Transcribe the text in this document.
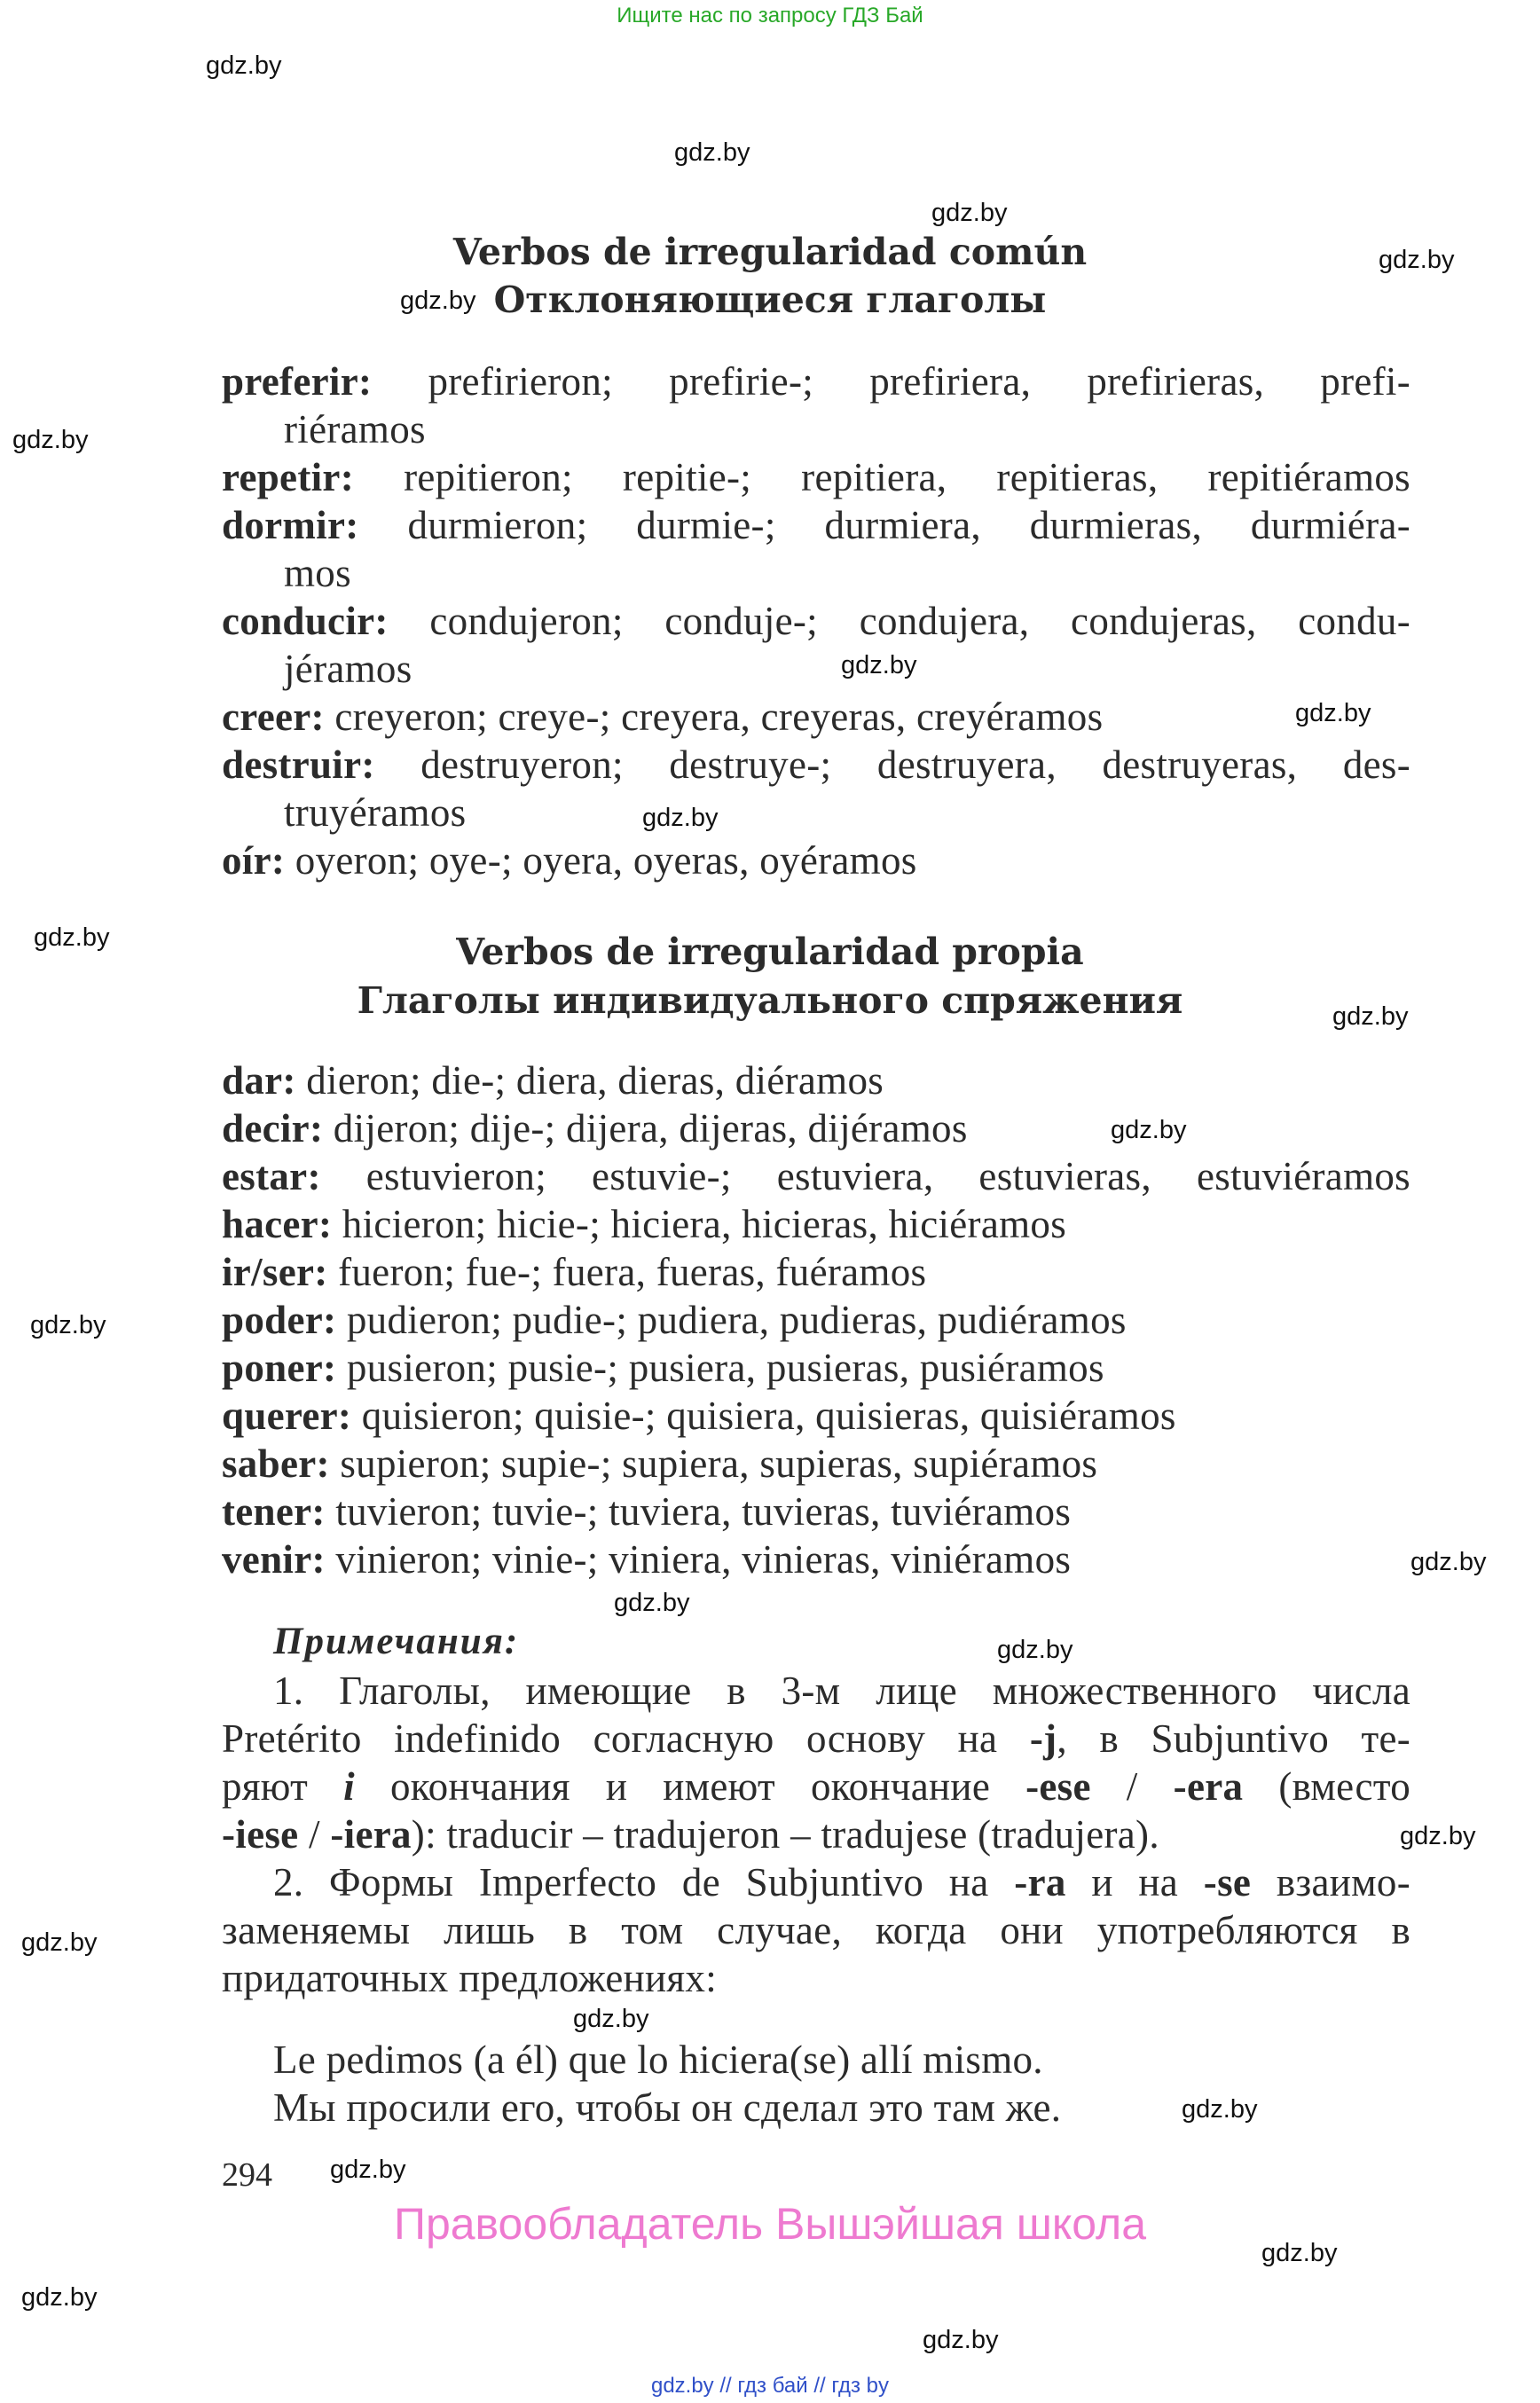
Ищите нас по запросу ГДЗ Бай
gdz.by
gdz.by
gdz.by
gdz.by
gdz.by
gdz.by
gdz.by
gdz.by
gdz.by
gdz.by
gdz.by
gdz.by
gdz.by
gdz.by
gdz.by
gdz.by
gdz.by
gdz.by
gdz.by
gdz.by
gdz.by
gdz.by
gdz.by
gdz.by
Verbos de irregularidad común
Отклоняющиеся глаголы
preferir: prefirieron; prefirie-; prefiriera, prefirieras, prefi-
riéramos
repetir: repitieron; repitie-; repitiera, repitieras, repitiéramos
dormir: durmieron; durmie-; durmiera, durmieras, durmiéra-
mos
conducir: condujeron; conduje-; condujera, condujeras, condu-
jéramos
creer: creyeron; creye-; creyera, creyeras, creyéramos
destruir: destruyeron; destruye-; destruyera, destruyeras, des-
truyéramos
oír: oyeron; oye-; oyera, oyeras, oyéramos
Verbos de irregularidad propia
Глаголы индивидуального спряжения
dar: dieron; die-; diera, dieras, diéramos
decir: dijeron; dije-; dijera, dijeras, dijéramos
estar: estuvieron; estuvie-; estuviera, estuvieras, estuviéramos
hacer: hicieron; hicie-; hiciera, hicieras, hiciéramos
ir/ser: fueron; fue-; fuera, fueras, fuéramos
poder: pudieron; pudie-; pudiera, pudieras, pudiéramos
poner: pusieron; pusie-; pusiera, pusieras, pusiéramos
querer: quisieron; quisie-; quisiera, quisieras, quisiéramos
saber: supieron; supie-; supiera, supieras, supiéramos
tener: tuvieron; tuvie-; tuviera, tuvieras, tuviéramos
venir: vinieron; vinie-; viniera, vinieras, viniéramos
Примечания:
1. Глаголы, имеющие в 3-м лице множественного числа
Pretérito indefinido согласную основу на -j, в Subjuntivo те-
ряют i окончания и имеют окончание -ese / -era (вместо
-iese / -iera): traducir – tradujeron – tradujese (tradujera).
2. Формы Imperfecto de Subjuntivo на -ra и на -se взаимо-
заменяемы лишь в том случае, когда они употребляются в
придаточных предложениях:
Le pedimos (a él) que lo hiciera(se) allí mismo.
Мы просили его, чтобы он сделал это там же.
294
Правообладатель Вышэйшая школа
gdz.by // гдз бай // гдз by
